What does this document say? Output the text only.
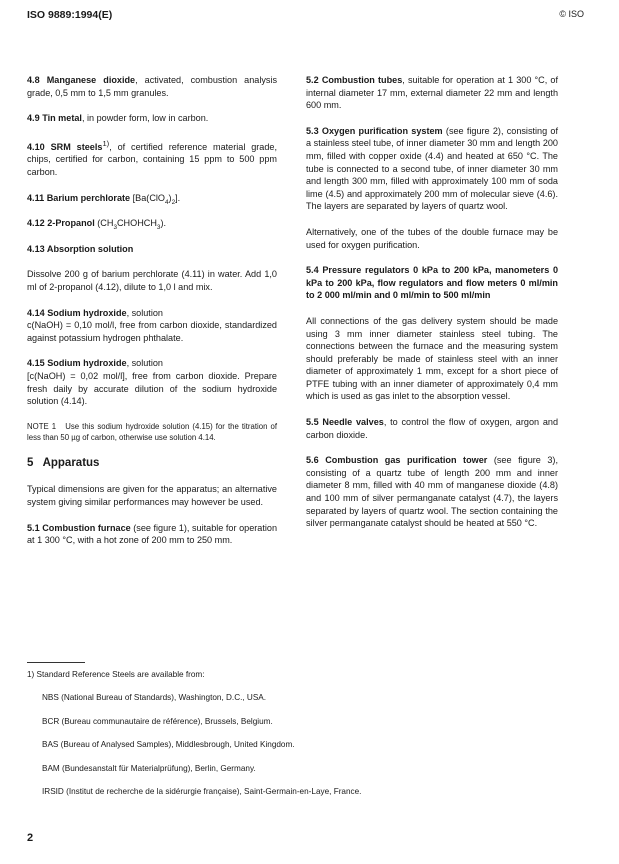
ISO 9889:1994(E)	© ISO

4.8 Manganese dioxide, activated, combustion analysis grade, 0,5 mm to 1,5 mm granules.

4.9 Tin metal, in powder form, low in carbon.

4.10 SRM steels$^{1)}$, of certified reference material grade, chips, certified for carbon, containing 15 ppm to 500 ppm carbon.

4.11 Barium perchlorate $[Ba(ClO_4)_2]$.

4.12 2-Propanol $(CH_3CHOHCH_3)$.

4.13 Absorption solution

Dissolve 200 g of barium perchlorate (4.11) in water. Add 1,0 ml of 2-propanol (4.12), dilute to 1,0 l and mix.

4.14 Sodium hydroxide, solution
c(NaOH) = 0,10 mol/l, free from carbon dioxide, standardized against potassium hydrogen phthalate.

4.15 Sodium hydroxide, solution
[c(NaOH) = 0,02 mol/l], free from carbon dioxide. Prepare fresh daily by accurate dilution of the sodium hydroxide solution (4.14).

NOTE 1 Use this sodium hydroxide solution (4.15) for the titration of less than 50 µg of carbon, otherwise use solution 4.14.

5 Apparatus

Typical dimensions are given for the apparatus; an alternative system giving similar performances may however be used.

5.1 Combustion furnace (see figure 1), suitable for operation at 1 300 °C, with a hot zone of 200 mm to 250 mm.

5.2 Combustion tubes, suitable for operation at 1 300 °C, of internal diameter 17 mm, external diameter 22 mm and length 600 mm.

5.3 Oxygen purification system (see figure 2), consisting of a stainless steel tube, of inner diameter 30 mm and length 200 mm, filled with copper oxide (4.4) and heated at 650 °C. The tube is connected to a second tube, of inner diameter 30 mm and length 300 mm, filled with approximately 100 mm of soda lime (4.5) and approximately 200 mm of molecular sieve (4.6). The layers are separated by layers of quartz wool.

Alternatively, one of the tubes of the double furnace may be used for oxygen purification.

5.4 Pressure regulators 0 kPa to 200 kPa, manometers 0 kPa to 200 kPa, flow regulators and flow meters 0 ml/min to 2 000 ml/min and 0 ml/min to 500 ml/min

All connections of the gas delivery system should be made using 3 mm inner diameter stainless steel tubing. The connections between the furnace and the measuring system should preferably be made of stainless steel with an inner diameter of approximately 1 mm, except for a short piece of PTFE tubing with an inner diameter of approximately 0,4 mm which is used as gas inlet to the absorption vessel.

5.5 Needle valves, to control the flow of oxygen, argon and carbon dioxide.

5.6 Combustion gas purification tower (see figure 3), consisting of a quartz tube of length 200 mm and inner diameter 8 mm, filled with 40 mm of manganese dioxide (4.8) and 100 mm of silver permanganate catalyst (4.7), the layers separated by layers of quartz wool. The section containing the silver permanganate catalyst should be heated at 550 °C.

1) Standard Reference Steels are available from:
NBS (National Bureau of Standards), Washington, D.C., USA.
BCR (Bureau communautaire de référence), Brussels, Belgium.
BAS (Bureau of Analysed Samples), Middlesbrough, United Kingdom.
BAM (Bundesanstalt für Materialprüfung), Berlin, Germany.
IRSID (Institut de recherche de la sidérurgie française), Saint-Germain-en-Laye, France.
2
